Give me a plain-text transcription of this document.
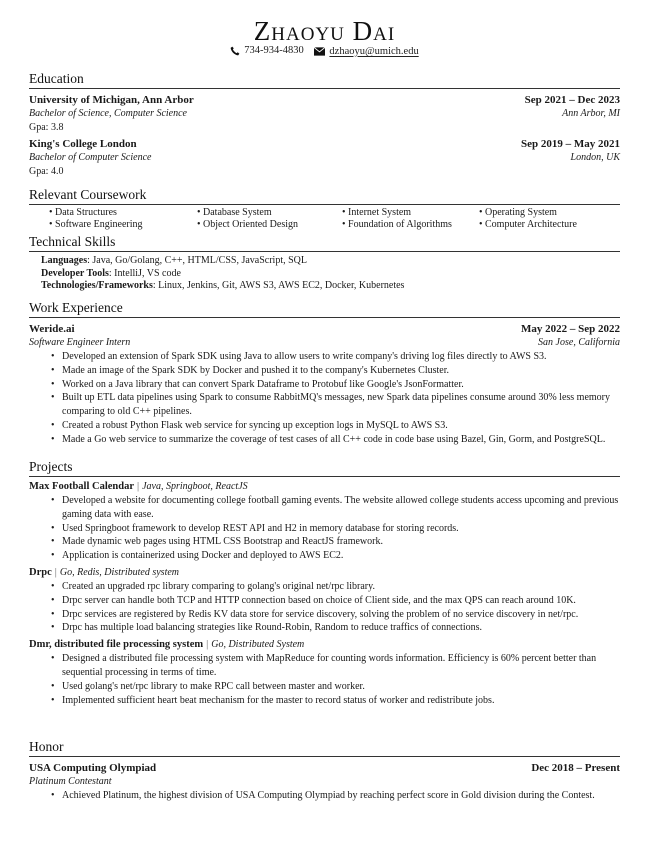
Zhaoyu Dai
734-934-4830
dzhaoyu@umich.edu
Education
University of Michigan, Ann Arbor	Sep 2021 – Dec 2023
Bachelor of Science, Computer Science	Ann Arbor, MI
Gpa: 3.8
King's College London	Sep 2019 – May 2021
Bachelor of Computer Science	London, UK
Gpa: 4.0
Relevant Coursework
• Data Structures	• Database System	• Internet System	• Operating System
• Software Engineering	• Object Oriented Design	• Foundation of Algorithms	• Computer Architecture
Technical Skills
Languages: Java, Go/Golang, C++, HTML/CSS, JavaScript, SQL
Developer Tools: IntelliJ, VS code
Technologies/Frameworks: Linux, Jenkins, Git, AWS S3, AWS EC2, Docker, Kubernetes
Work Experience
Weride.ai	May 2022 – Sep 2022
Software Engineer Intern	San Jose, California
• Developed an extension of Spark SDK using Java to allow users to write company's driving log files directly to AWS S3.
• Made an image of the Spark SDK by Docker and pushed it to the company's Kubernetes Cluster.
• Worked on a Java library that can convert Spark Dataframe to Protobuf like Google's JsonFormatter.
• Built up ETL data pipelines using Spark to consume RabbitMQ's messages, new Spark data pipelines consume around 30% less memory comparing to old C++ pipelines.
• Created a robust Python Flask web service for syncing up exception logs in MySQL to AWS S3.
• Made a Go web service to summarize the coverage of test cases of all C++ code in code base using Bazel, Gin, Gorm, and PostgreSQL.
Projects
Max Football Calendar | Java, Springboot, ReactJS
• Developed a website for documenting college football gaming events. The website allowed college students access upcoming and previous gaming data with ease.
• Used Springboot framework to develop REST API and H2 in memory database for storing records.
• Made dynamic web pages using HTML CSS Bootstrap and ReactJS framework.
• Application is containerized using Docker and deployed to AWS EC2.
Drpc | Go, Redis, Distributed system
• Created an upgraded rpc library comparing to golang's original net/rpc library.
• Drpc server can handle both TCP and HTTP connection based on choice of Client side, and the max QPS can reach around 10K.
• Drpc services are registered by Redis KV data store for service discovery, solving the problem of no service discovery in net/rpc.
• Drpc has multiple load balancing strategies like Round-Robin, Random to reduce traffics of connections.
Dmr, distributed file processing system | Go, Distributed System
• Designed a distributed file processing system with MapReduce for counting words information. Efficiency is 60% percent better than sequential processing in terms of time.
• Used golang's net/rpc library to make RPC call between master and worker.
• Implemented sufficient heart beat mechanism for the master to record status of worker and redistribute jobs.
Honor
USA Computing Olympiad	Dec 2018 – Present
Platinum Contestant
• Achieved Platinum, the highest division of USA Computing Olympiad by reaching perfect score in Gold division during the Contest.
